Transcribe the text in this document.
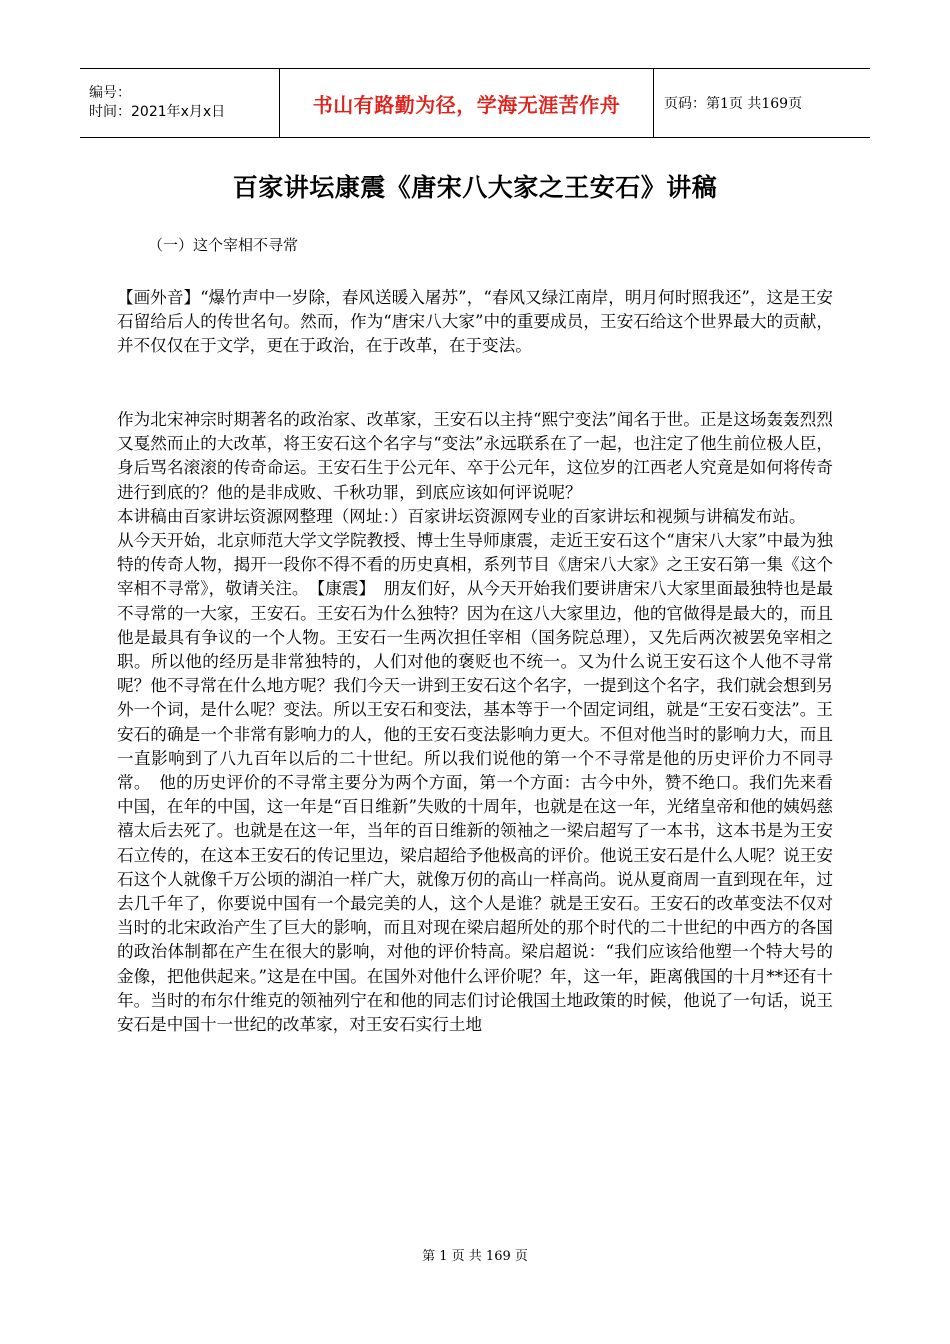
编号：
时间：2021年x月x日	书山有路勤为径，学海无涯苦作舟	页码：第1页 共169页
百家讲坛康震《唐宋八大家之王安石》讲稿
（一）这个宰相不寻常

【画外音】“爆竹声中一岁除，春风送暖入屠苏”，“春风又绿江南岸，明月何时照我还”，这是王安石留给后人的传世名句。然而，作为“唐宋八大家”中的重要成员，王安石给这个世界最大的贡献，并不仅仅在于文学，更在于政治，在于改革，在于变法。

作为北宋神宗时期著名的政治家、改革家，王安石以主持“熙宁变法”闻名于世。正是这场轰轰烈烈又戛然而止的大改革，将王安石这个名字与“变法”永远联系在了一起，也注定了他生前位极人臣，身后骂名滚滚的传奇命运。王安石生于公元年、卒于公元年，这位岁的江西老人究竟是如何将传奇进行到底的？他的是非成败、千秋功罪，到底应该如何评说呢？

本讲稿由百家讲坛资源网整理（网址：）百家讲坛资源网专业的百家讲坛和视频与讲稿发布站。

从今天开始，北京师范大学文学院教授、博士生导师康震，走近王安石这个“唐宋八大家”中最为独特的传奇人物，揭开一段你不得不看的历史真相，系列节目《唐宋八大家》之王安石第一集《这个宰相不寻常》，敬请关注。　【康震】　朋友们好，从今天开始我们要讲唐宋八大家里面最独特也是最不寻常的一大家，王安石。王安石为什么独特？因为在这八大家里边，他的官做得是最大的，而且他是最具有争议的一个人物。王安石一生两次担任宰相（国务院总理），又先后两次被罢免宰相之职。所以他的经历是非常独特的，人们对他的褒贬也不统一。又为什么说王安石这个人他不寻常呢？他不寻常在什么地方呢？我们今天一讲到王安石这个名字，一提到这个名字，我们就会想到另外一个词，是什么呢？变法。所以王安石和变法，基本等于一个固定词组，就是“王安石变法”。王安石的确是一个非常有影响力的人，他的王安石变法影响力更大。不但对他当时的影响力大，而且一直影响到了八九百年以后的二十世纪。所以我们说他的第一个不寻常是他的历史评价力不同寻常。　他的历史评价的不寻常主要分为两个方面，第一个方面：古今中外，赞不绝口。我们先来看中国，在年的中国，这一年是“百日维新”失败的十周年，也就是在这一年，光绪皇帝和他的姨妈慈禧太后去死了。也就是在这一年，当年的百日维新的领袖之一梁启超写了一本书，这本书是为王安石立传的，在这本王安石的传记里边，梁启超给予他极高的评价。他说王安石是什么人呢？说王安石这个人就像千万公顷的湖泊一样广大，就像万仞的高山一样高尚。说从夏商周一直到现在年，过去几千年了，你要说中国有一个最完美的人，这个人是谁？就是王安石。王安石的改革变法不仅对当时的北宋政治产生了巨大的影响，而且对现在梁启超所处的那个时代的二十世纪的中西方的各国的政治体制都在产生在很大的影响，对他的评价特高。梁启超说：“我们应该给他塑一个特大号的金像，把他供起来。”这是在中国。在国外对他什么评价呢？年，这一年，距离俄国的十月**还有十年。当时的布尔什维克的领袖列宁在和他的同志们讨论俄国土地政策的时候，他说了一句话，说王安石是中国十一世纪的改革家，对王安石实行土地

第 1 页 共 169 页
